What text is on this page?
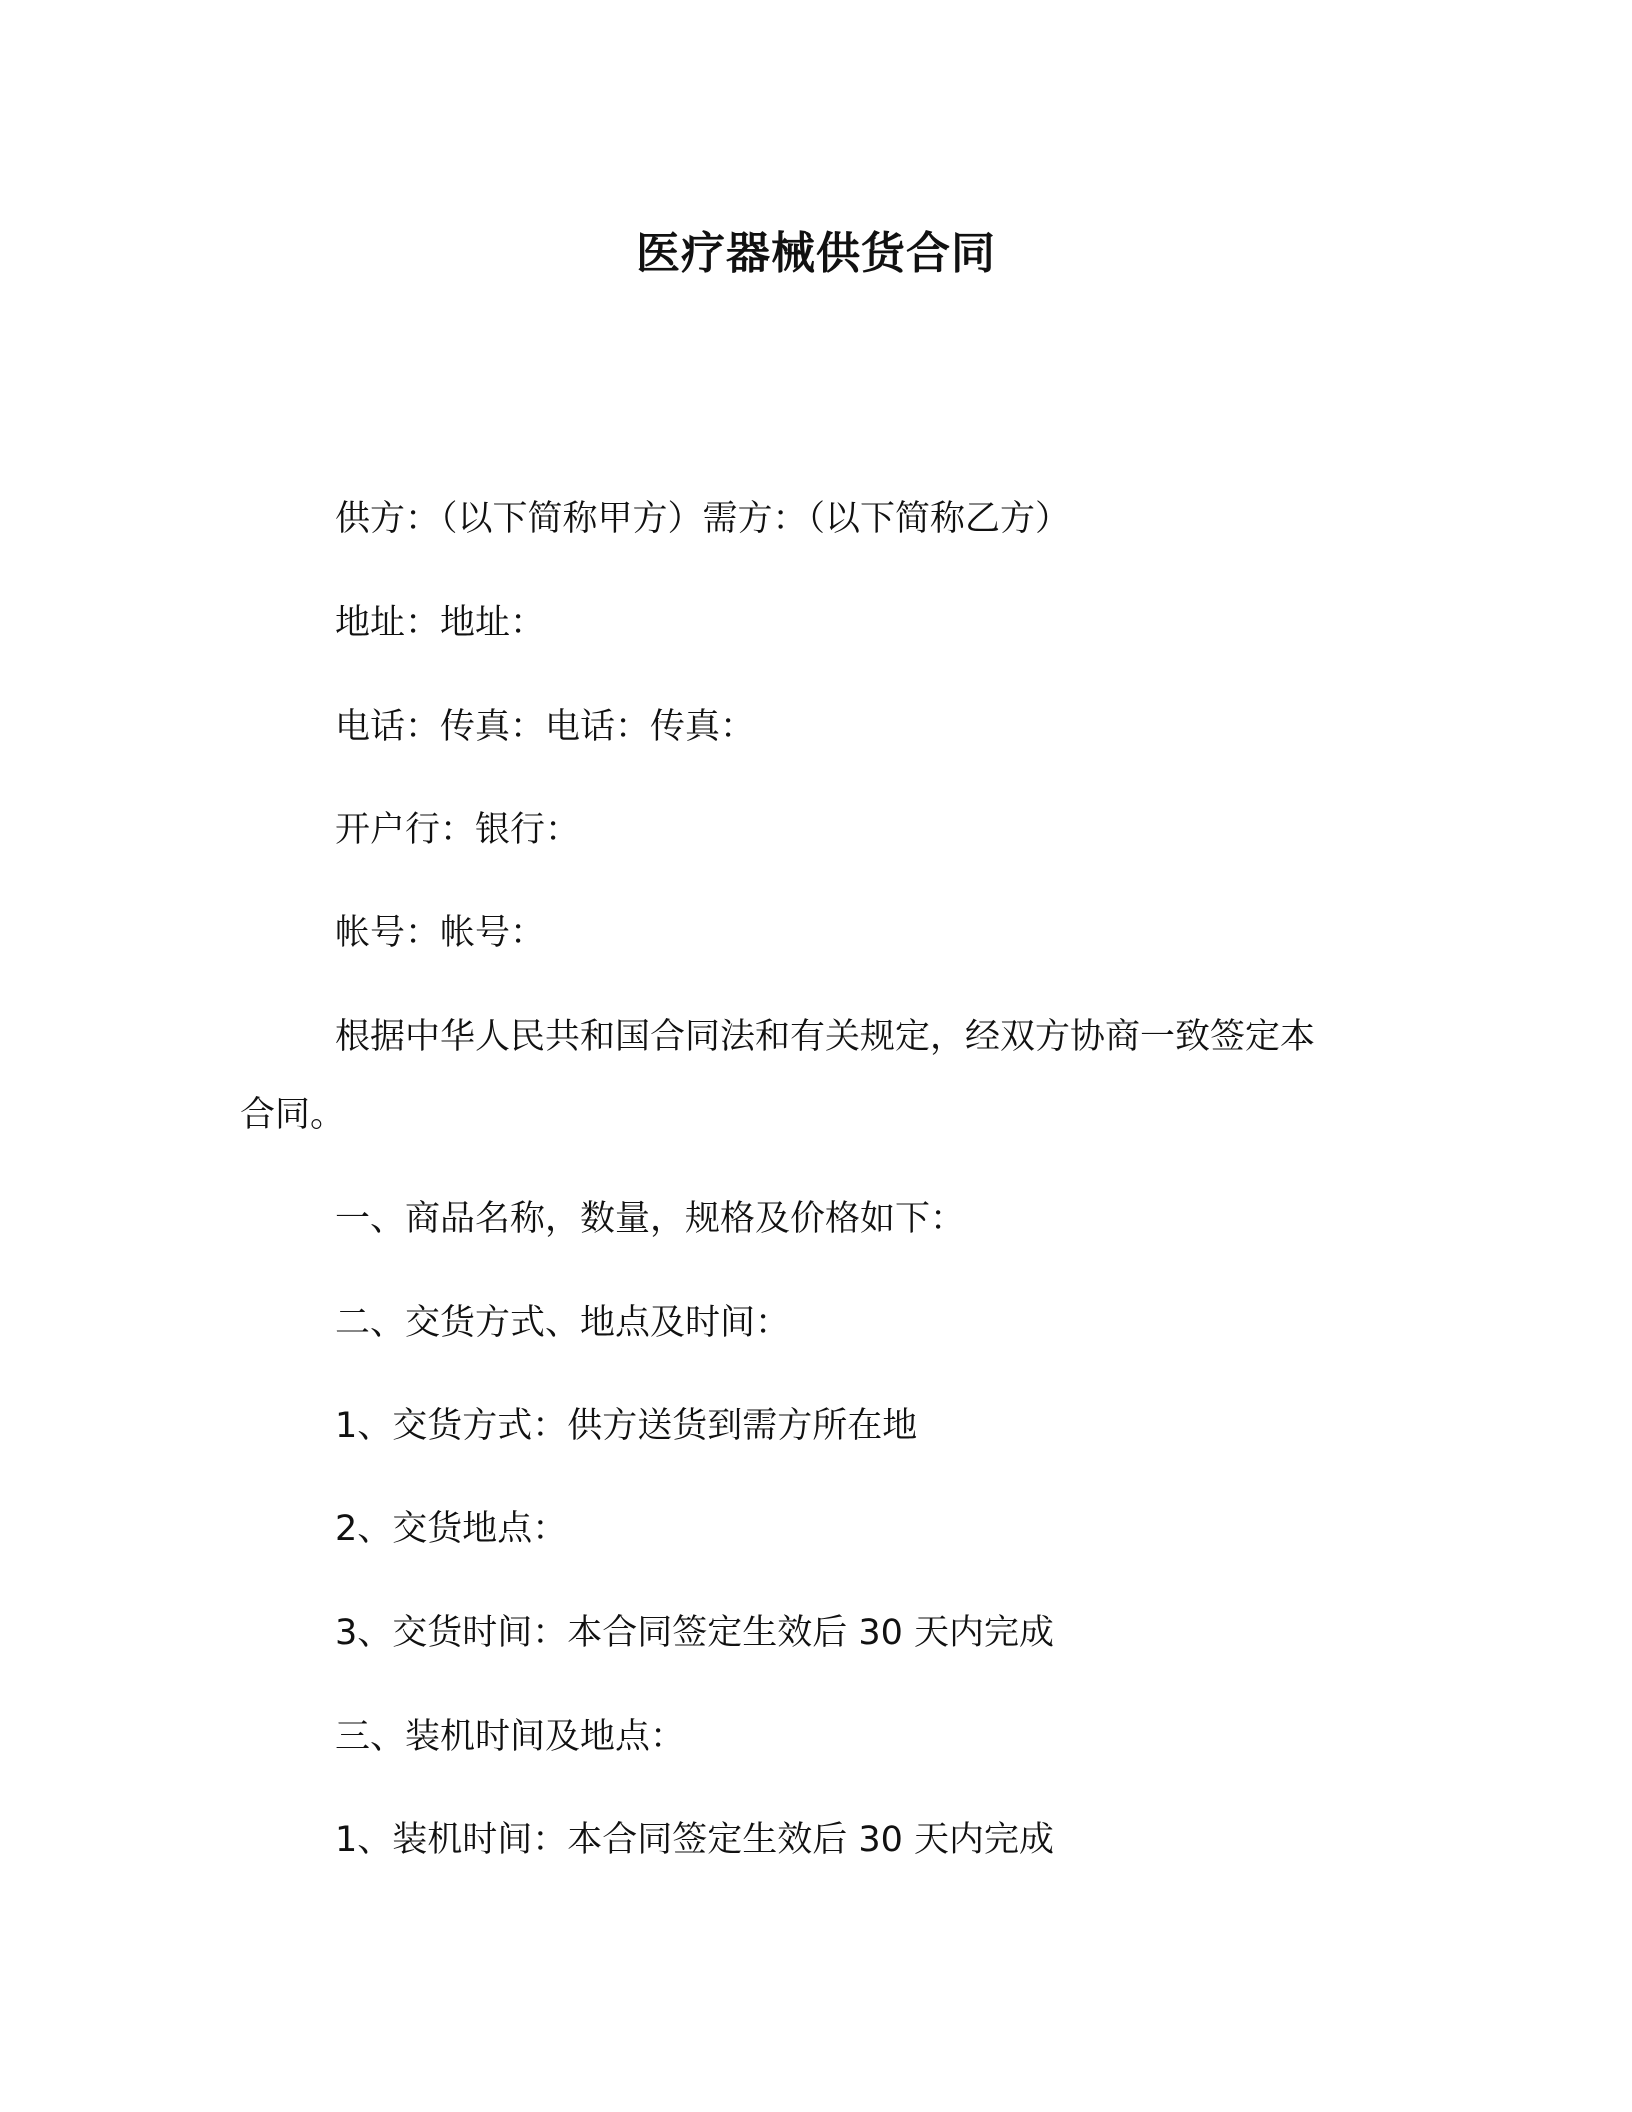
医疗器械供货合同
供方：（以下简称甲方）需方：（以下简称乙方）
地址：地址：
电话：传真：电话：传真：
开户行：银行：
帐号：帐号：
根据中华人民共和国合同法和有关规定，经双方协商一致签定本
合同。
一、商品名称，数量，规格及价格如下：
二、交货方式、地点及时间：
1、交货方式：供方送货到需方所在地
2、交货地点：
3、交货时间：本合同签定生效后 30 天内完成
三、装机时间及地点：
1、装机时间：本合同签定生效后 30 天内完成
